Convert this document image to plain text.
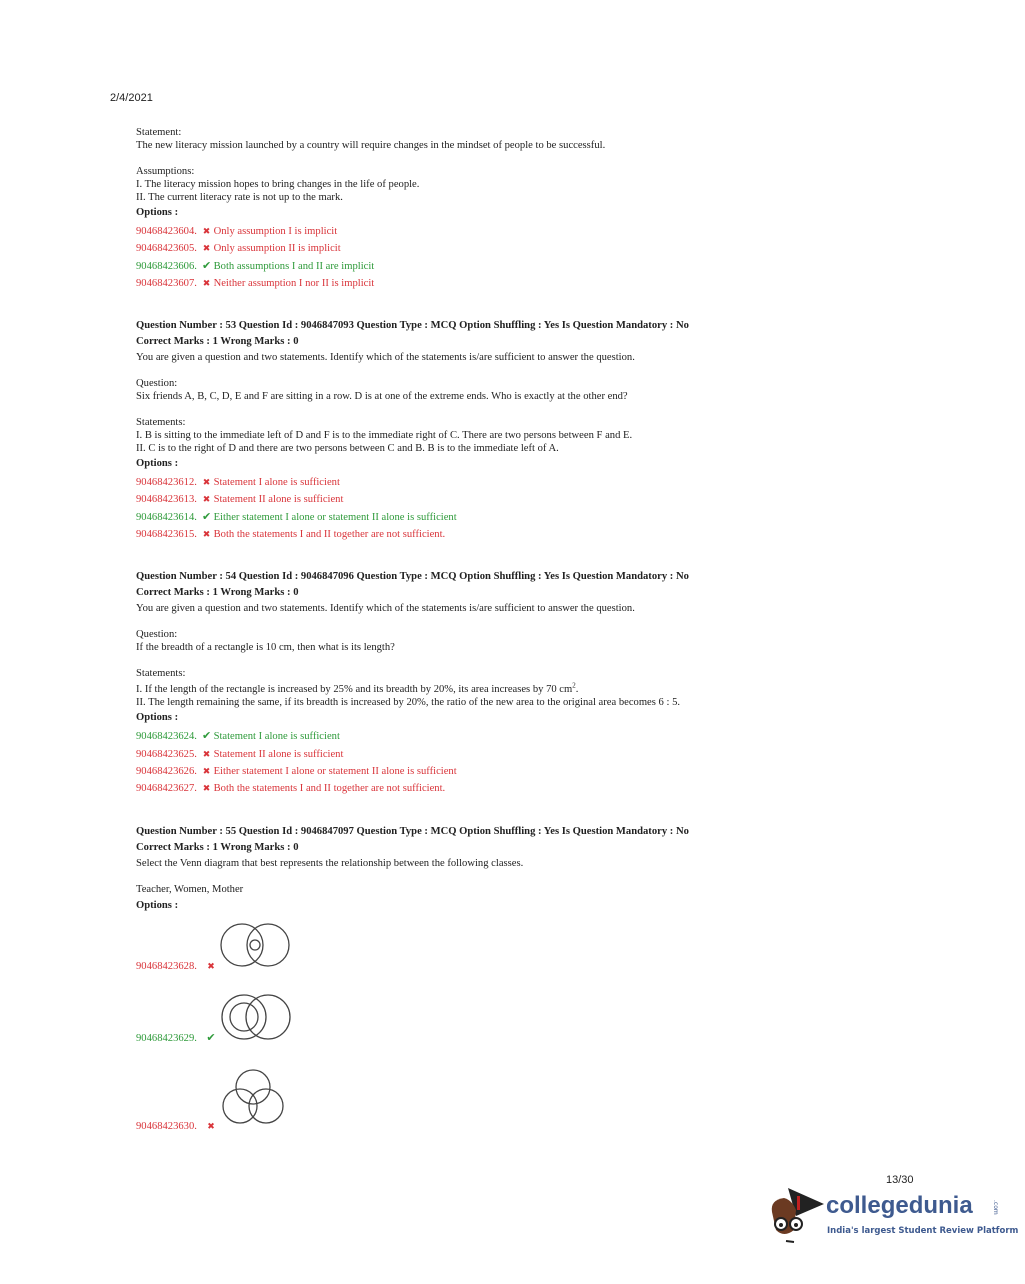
2/4/2021

Statement:

The new literacy mission launched by a country will require changes in the mindset of people to be successful.

Assumptions:

I. The literacy mission hopes to bring changes in the life of people.

II. The current literacy rate is not up to the mark.

Options :

90468423604. ✖ Only assumption I is implicit
90468423605. ✖ Only assumption II is implicit
90468423606. ✔ Both assumptions I and II are implicit
90468423607. ✖ Neither assumption I nor II is implicit

Question Number : 53 Question Id : 9046847093 Question Type : MCQ Option Shuffling : Yes Is Question Mandatory : No

Correct Marks : 1 Wrong Marks : 0

You are given a question and two statements. Identify which of the statements is/are sufficient to answer the question.

Question:

Six friends A, B, C, D, E and F are sitting in a row. D is at one of the extreme ends. Who is exactly at the other end?

Statements:

I. B is sitting to the immediate left of D and F is to the immediate right of C. There are two persons between F and E.

II. C is to the right of D and there are two persons between C and B. B is to the immediate left of A.

Options :

90468423612. ✖ Statement I alone is sufficient
90468423613. ✖ Statement II alone is sufficient
90468423614. ✔ Either statement I alone or statement II alone is sufficient
90468423615. ✖ Both the statements I and II together are not sufficient.

Question Number : 54 Question Id : 9046847096 Question Type : MCQ Option Shuffling : Yes Is Question Mandatory : No

Correct Marks : 1 Wrong Marks : 0

You are given a question and two statements. Identify which of the statements is/are sufficient to answer the question.

Question:

If the breadth of a rectangle is 10 cm, then what is its length?

Statements:

I. If the length of the rectangle is increased by 25% and its breadth by 20%, its area increases by 70 $cm^2$.

II. The length remaining the same, if its breadth is increased by 20%, the ratio of the new area to the original area becomes 6 : 5.

Options :

90468423624. ✔ Statement I alone is sufficient
90468423625. ✖ Statement II alone is sufficient
90468423626. ✖ Either statement I alone or statement II alone is sufficient
90468423627. ✖ Both the statements I and II together are not sufficient.

Question Number : 55 Question Id : 9046847097 Question Type : MCQ Option Shuffling : Yes Is Question Mandatory : No

Correct Marks : 1 Wrong Marks : 0

Select the Venn diagram that best represents the relationship between the following classes.

Teacher, Women, Mother

Options :

90468423628.	✖
90468423629. ✔
90468423630.	✖
13/30
collegedunia	.com
India's largest Student Review Platform
